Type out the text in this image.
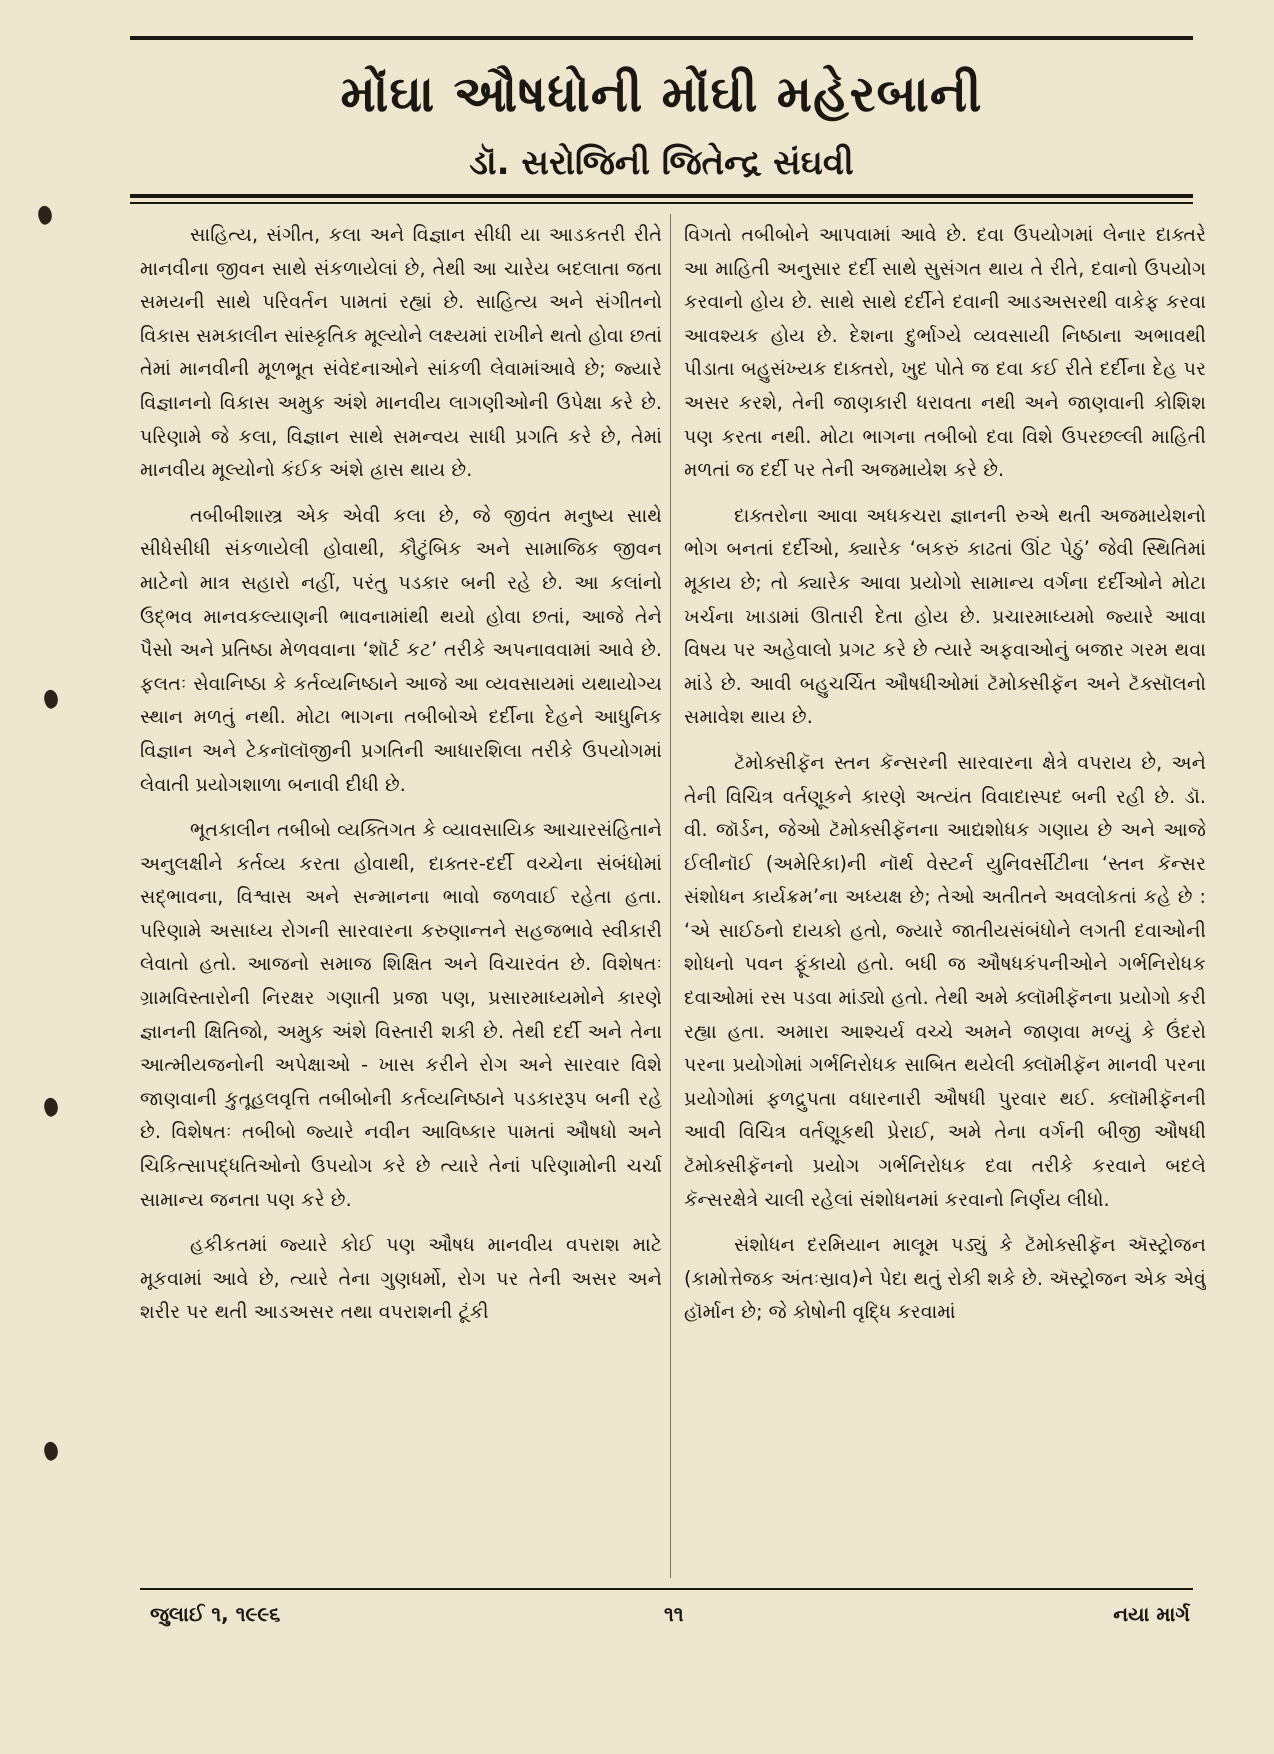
મોંઘા ઔષધોની મોંઘી મહેરબાની
ડૉ. સરોજિની જિતેન્દ્ર સંઘવી

સાહિત્ય, સંગીત, કલા અને વિજ્ઞાન સીધી યા આડકતરી રીતે માનવીના જીવન સાથે સંકળાયેલાં છે, તેથી આ ચારેય બદલાતા જતા સમયની સાથે પરિવર્તન પામતાં રહ્યાં છે. સાહિત્ય અને સંગીતનો વિકાસ સમકાલીન સાંસ્કૃતિક મૂલ્યોને લક્ષ્યમાં રાખીને થતો હોવા છતાં તેમાં માનવીની મૂળભૂત સંવેદનાઓને સાંકળી લેવામાંઆવે છે; જ્યારે વિજ્ઞાનનો વિકાસ અમુક અંશે માનવીય લાગણીઓની ઉપેક્ષા કરે છે. પરિણામે જે કલા, વિજ્ઞાન સાથે સમન્વય સાધી પ્રગતિ કરે છે, તેમાં માનવીય મૂલ્યોનો કંઈક અંશે હ્રાસ થાય છે.

તબીબીશાસ્ત્ર એક એવી કલા છે, જે જીવંત મનુષ્ય સાથે સીધેસીધી સંકળાયેલી હોવાથી, કૌટુંબિક અને સામાજિક જીવન માટેનો માત્ર સહારો નહીં, પરંતુ પડકાર બની રહે છે. આ કલાંનો ઉદ્ભવ માનવકલ્યાણની ભાવનામાંથી થયો હોવા છતાં, આજે તેને પૈસો અને પ્રતિષ્ઠા મેળવવાના ‘શૉર્ટ કટ’ તરીકે અપનાવવામાં આવે છે. ફલતઃ સેવાનિષ્ઠા કે કર્તવ્યનિષ્ઠાને આજે આ વ્યવસાયમાં યથાયોગ્ય સ્થાન મળતું નથી. મોટા ભાગના તબીબોએ દર્દીના દેહને આધુનિક વિજ્ઞાન અને ટેકનૉલૉજીની પ્રગતિની આધારશિલા તરીકે ઉપયોગમાં લેવાતી પ્રયોગશાળા બનાવી દીધી છે.

ભૂતકાલીન તબીબો વ્યક્તિગત કે વ્યાવસાયિક આચારસંહિતાને અનુલક્ષીને કર્તવ્ય કરતા હોવાથી, દાક્તર-દર્દી વચ્ચેના સંબંધોમાં સદ્ભાવના, વિશ્વાસ અને સન્માનના ભાવો જળવાઈ રહેતા હતા. પરિણામે અસાધ્ય રોગની સારવારના કરુણાન્તને સહજભાવે સ્વીકારી લેવાતો હતો. આજનો સમાજ શિક્ષિત અને વિચારવંત છે. વિશેષતઃ ગ્રામવિસ્તારોની નિરક્ષર ગણાતી પ્રજા પણ, પ્રસારમાધ્યમોને કારણે જ્ઞાનની ક્ષિતિજો, અમુક અંશે વિસ્તારી શકી છે. તેથી દર્દી અને તેના આત્મીયજનોની અપેક્ષાઓ - ખાસ કરીને રોગ અને સારવાર વિશે જાણવાની કુતૂહલવૃત્તિ તબીબોની કર્તવ્યનિષ્ઠાને પડકારરૂપ બની રહે છે. વિશેષતઃ તબીબો જ્યારે નવીન આવિષ્કાર પામતાં ઔષધો અને ચિકિત્સાપદ્ધતિઓનો ઉપયોગ કરે છે ત્યારે તેનાં પરિણામોની ચર્ચા સામાન્ય જનતા પણ કરે છે.

હકીકતમાં જ્યારે કોઈ પણ ઔષધ માનવીય વપરાશ માટે મૂકવામાં આવે છે, ત્યારે તેના ગુણધર્મો, રોગ પર તેની અસર અને શરીર પર થતી આડઅસર તથા વપરાશની ટૂંકી

વિગતો તબીબોને આપવામાં આવે છે. દવા ઉપયોગમાં લેનાર દાક્તરે આ માહિતી અનુસાર દર્દી સાથે સુસંગત થાય તે રીતે, દવાનો ઉપયોગ કરવાનો હોય છે. સાથે સાથે દર્દીને દવાની આડઅસરથી વાકેફ કરવા આવશ્યક હોય છે. દેશના દુર્ભાગ્યે વ્યવસાયી નિષ્ઠાના અભાવથી પીડાતા બહુસંખ્યક દાક્તરો, ખુદ પોતે જ દવા કઈ રીતે દર્દીના દેહ પર અસર કરશે, તેની જાણકારી ધરાવતા નથી અને જાણવાની કોશિશ પણ કરતા નથી. મોટા ભાગના તબીબો દવા વિશે ઉપરછલ્લી માહિતી મળતાં જ દર્દી પર તેની અજમાયેશ કરે છે.

દાક્તરોના આવા અધકચરા જ્ઞાનની રુએ થતી અજમાયેશનો ભોગ બનતાં દર્દીઓ, ક્યારેક ‘બકરું કાઢતાં ઊંટ પેઠું’ જેવી સ્થિતિમાં મૂકાય છે; તો ક્યારેક આવા પ્રયોગો સામાન્ય વર્ગના દર્દીઓને મોટા ખર્ચના ખાડામાં ઊતારી દેતા હોય છે. પ્રચારમાધ્યમો જ્યારે આવા વિષય પર અહેવાલો પ્રગટ કરે છે ત્યારે અફવાઓનું બજાર ગરમ થવા માંડે છે. આવી બહુચર્ચિત ઔષધીઓમાં ટૅમોક્સીફૅન અને ટૅક્સૉલનો સમાવેશ થાય છે.

ટૅમોક્સીફૅન સ્તન કૅન્સરની સારવારના ક્ષેત્રે વપરાય છે, અને તેની વિચિત્ર વર્તણૂકને કારણે અત્યંત વિવાદાસ્પદ બની રહી છે. ડૉ. વી. જૉર્ડન, જેઓ ટૅમોક્સીફૅનના આદ્યશોધક ગણાય છે અને આજે ઈલીનૉઈ (અમેરિકા)ની નૉર્થ વેસ્ટર્ન યુનિવર્સીટીના ‘સ્તન કૅન્સર સંશોધન કાર્યક્રમ’ના અધ્યક્ષ છે; તેઓ અતીતને અવલોકતાં કહે છે : ‘એ સાઈઠનો દાયકો હતો, જ્યારે જાતીયસંબંધોને લગતી દવાઓની શોધનો પવન ફૂંકાયો હતો. બધી જ ઔષધકંપનીઓને ગર્ભનિરોધક દવાઓમાં રસ પડવા માંડ્યો હતો. તેથી અમે ક્લૉમીફૅનના પ્રયોગો કરી રહ્યા હતા. અમારા આશ્ચર્ય વચ્ચે અમને જાણવા મળ્યું કે ઉંદરો પરના પ્રયોગોમાં ગર્ભનિરોધક સાબિત થયેલી ક્લૉમીફૅન માનવી પરના પ્રયોગોમાં ફળદ્રુપતા વધારનારી ઔષધી પુરવાર થઈ. ક્લૉમીફૅનની આવી વિચિત્ર વર્તણૂકથી પ્રેરાઈ, અમે તેના વર્ગની બીજી ઔષધી ટૅમોક્સીફૅનનો પ્રયોગ ગર્ભનિરોધક દવા તરીકે કરવાને બદલે કૅન્સરક્ષેત્રે ચાલી રહેલાં સંશોધનમાં કરવાનો નિર્ણય લીધો.

સંશોધન દરમિયાન માલૂમ પડ્યું કે ટૅમોક્સીફૅન ઍસ્ટ્રોજન (કામોત્તેજક અંતઃસ્રાવ)ને પેદા થતું રોકી શકે છે. ઍસ્ટ્રોજન એક એવું હૉર્માન છે; જે કોષોની વૃદ્ધિ કરવામાં

જુલાઈ ૧, ૧૯૯૬	૧૧	નયા માર્ગ
